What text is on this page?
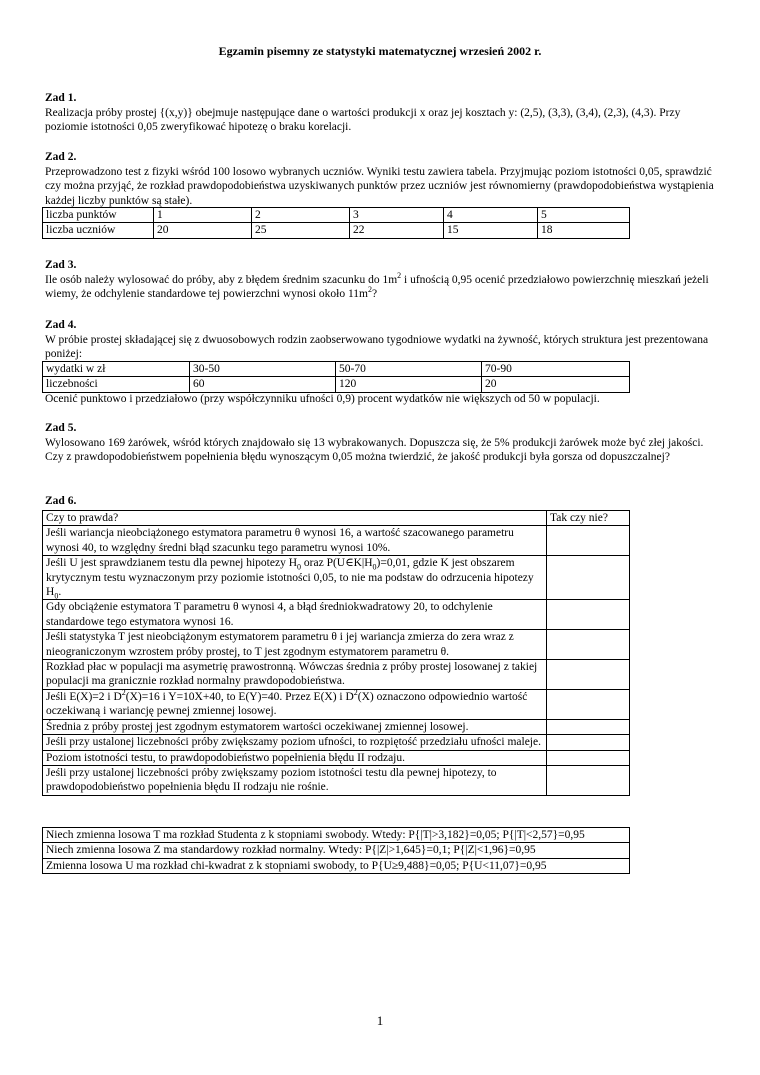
Egzamin pisemny ze statystyki matematycznej wrzesień 2002 r.

Zad 1.

Realizacja próby prostej {(x,y)} obejmuje następujące dane o wartości produkcji x oraz jej kosztach y: (2,5), (3,3), (3,4), (2,3), (4,3). Przy poziomie istotności 0,05 zweryfikować hipotezę o braku korelacji.

Zad 2.

Przeprowadzono test z fizyki wśród 100 losowo wybranych uczniów. Wyniki testu zawiera tabela. Przyjmując poziom istotności 0,05, sprawdzić czy można przyjąć, że rozkład prawdopodobieństwa uzyskiwanych punktów przez uczniów jest równomierny (prawdopodobieństwa wystąpienia każdej liczby punktów są stałe).

liczba punktów	1	2	3	4	5
liczba uczniów	20	25	22	15	18

Zad 3.

Ile osób należy wylosować do próby, aby z błędem średnim szacunku do $1m^2$ i ufnością 0,95 ocenić przedziałowo powierzchnię mieszkań jeżeli wiemy, że odchylenie standardowe tej powierzchni wynosi około $11m^2$?

Zad 4.

W próbie prostej składającej się z dwuosobowych rodzin zaobserwowano tygodniowe wydatki na żywność, których struktura jest prezentowana poniżej:

wydatki w zł	30-50	50-70	70-90
liczebności	60	120	20

Ocenić punktowo i przedziałowo (przy współczynniku ufności 0,9) procent wydatków nie większych od 50 w populacji.

Zad 5.

Wylosowano 169 żarówek, wśród których znajdowało się 13 wybrakowanych. Dopuszcza się, że 5% produkcji żarówek może być złej jakości. Czy z prawdopodobieństwem popełnienia błędu wynoszącym 0,05 można twierdzić, że jakość produkcji była gorsza od dopuszczalnej?

Zad 6.

Czy to prawda?	Tak czy nie?
Jeśli wariancja nieobciążonego estymatora parametru θ wynosi 16, a wartość szacowanego parametru wynosi 40, to względny średni błąd szacunku tego parametru wynosi 10%.	
Jeśli U jest sprawdzianem testu dla pewnej hipotezy $H_0$ oraz $P(U\in K|H_0)=0,01$, gdzie K jest obszarem krytycznym testu wyznaczonym przy poziomie istotności 0,05, to nie ma podstaw do odrzucenia hipotezy $H_0$.	
Gdy obciążenie estymatora T parametru θ wynosi 4, a błąd średniokwadratowy 20, to odchylenie standardowe tego estymatora wynosi 16.	
Jeśli statystyka T jest nieobciążonym estymatorem parametru θ i jej wariancja zmierza do zera wraz z nieograniczonym wzrostem próby prostej, to T jest zgodnym estymatorem parametru θ.	
Rozkład płac w populacji ma asymetrię prawostronną. Wówczas średnia z próby prostej losowanej z takiej populacji ma granicznie rozkład normalny prawdopodobieństwa.	
Jeśli E(X)=2 i $D^2(X)=16$ i Y=10X+40, to E(Y)=40. Przez E(X) i $D^2(X)$ oznaczono odpowiednio wartość oczekiwaną i wariancję pewnej zmiennej losowej.	
Średnia z próby prostej jest zgodnym estymatorem wartości oczekiwanej zmiennej losowej.	
Jeśli przy ustalonej liczebności próby zwiększamy poziom ufności, to rozpiętość przedziału ufności maleje.	
Poziom istotności testu, to prawdopodobieństwo popełnienia błędu II rodzaju.	
Jeśli przy ustalonej liczebności próby zwiększamy poziom istotności testu dla pewnej hipotezy, to prawdopodobieństwo popełnienia błędu II rodzaju nie rośnie.	
Niech zmienna losowa T ma rozkład Studenta z k stopniami swobody. Wtedy: P{|T|>3,182}=0,05; P{|T|<2,57}=0,95
Niech zmienna losowa Z ma standardowy rozkład normalny. Wtedy: P{|Z|>1,645}=0,1; P{|Z|<1,96}=0,95
Zmienna losowa U ma rozkład chi-kwadrat z k stopniami swobody, to P{U≥9,488}=0,05; P{U<11,07}=0,95
1
